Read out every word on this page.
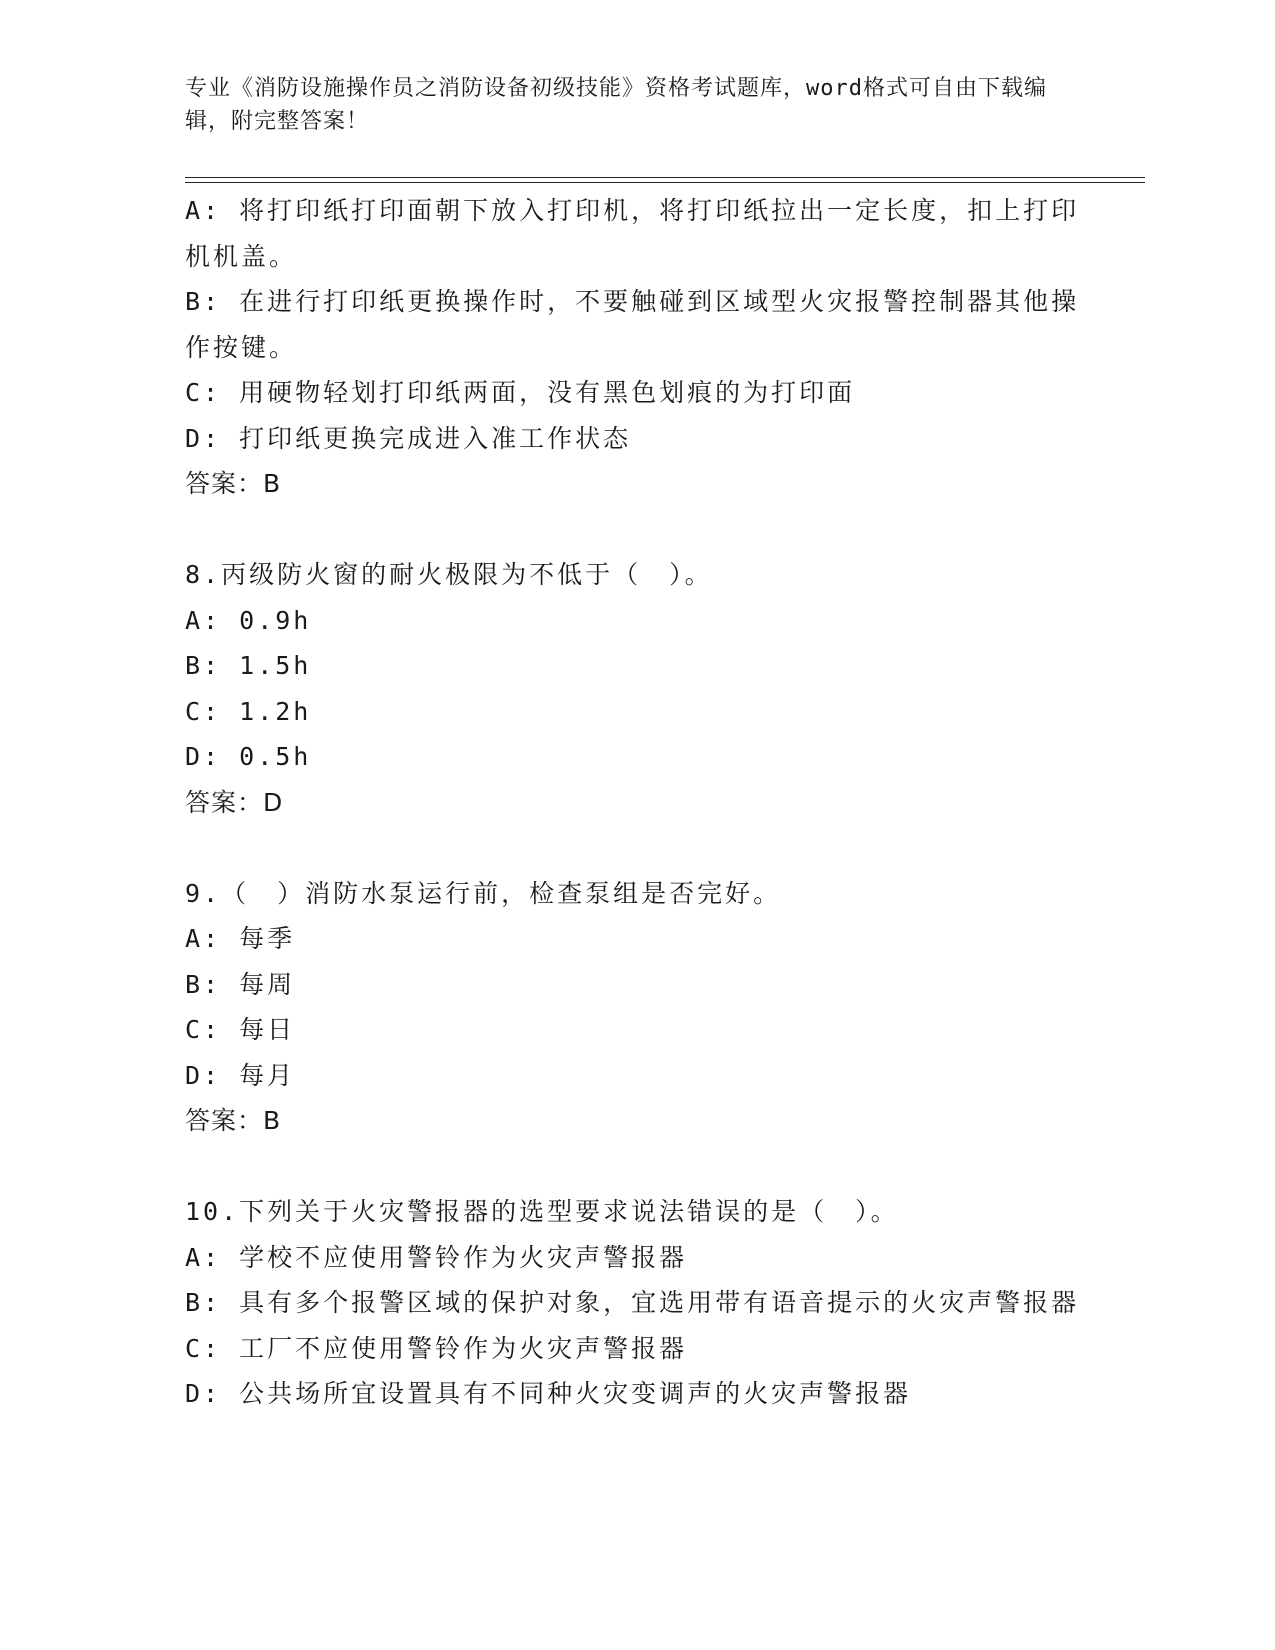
专业《消防设施操作员之消防设备初级技能》资格考试题库，word格式可自由下载编辑，附完整答案！

A: 将打印纸打印面朝下放入打印机，将打印纸拉出一定长度，扣上打印机机盖。

B: 在进行打印纸更换操作时，不要触碰到区域型火灾报警控制器其他操作按键。

C: 用硬物轻划打印纸两面，没有黑色划痕的为打印面

D: 打印纸更换完成进入准工作状态

答案：B

8.丙级防火窗的耐火极限为不低于（　）。

A: 0.9h

B: 1.5h

C: 1.2h

D: 0.5h

答案：D

9.（　）消防水泵运行前，检查泵组是否完好。

A: 每季

B: 每周

C: 每日

D: 每月

答案：B

10.下列关于火灾警报器的选型要求说法错误的是（　）。

A: 学校不应使用警铃作为火灾声警报器

B: 具有多个报警区域的保护对象，宜选用带有语音提示的火灾声警报器

C: 工厂不应使用警铃作为火灾声警报器

D: 公共场所宜设置具有不同种火灾变调声的火灾声警报器
